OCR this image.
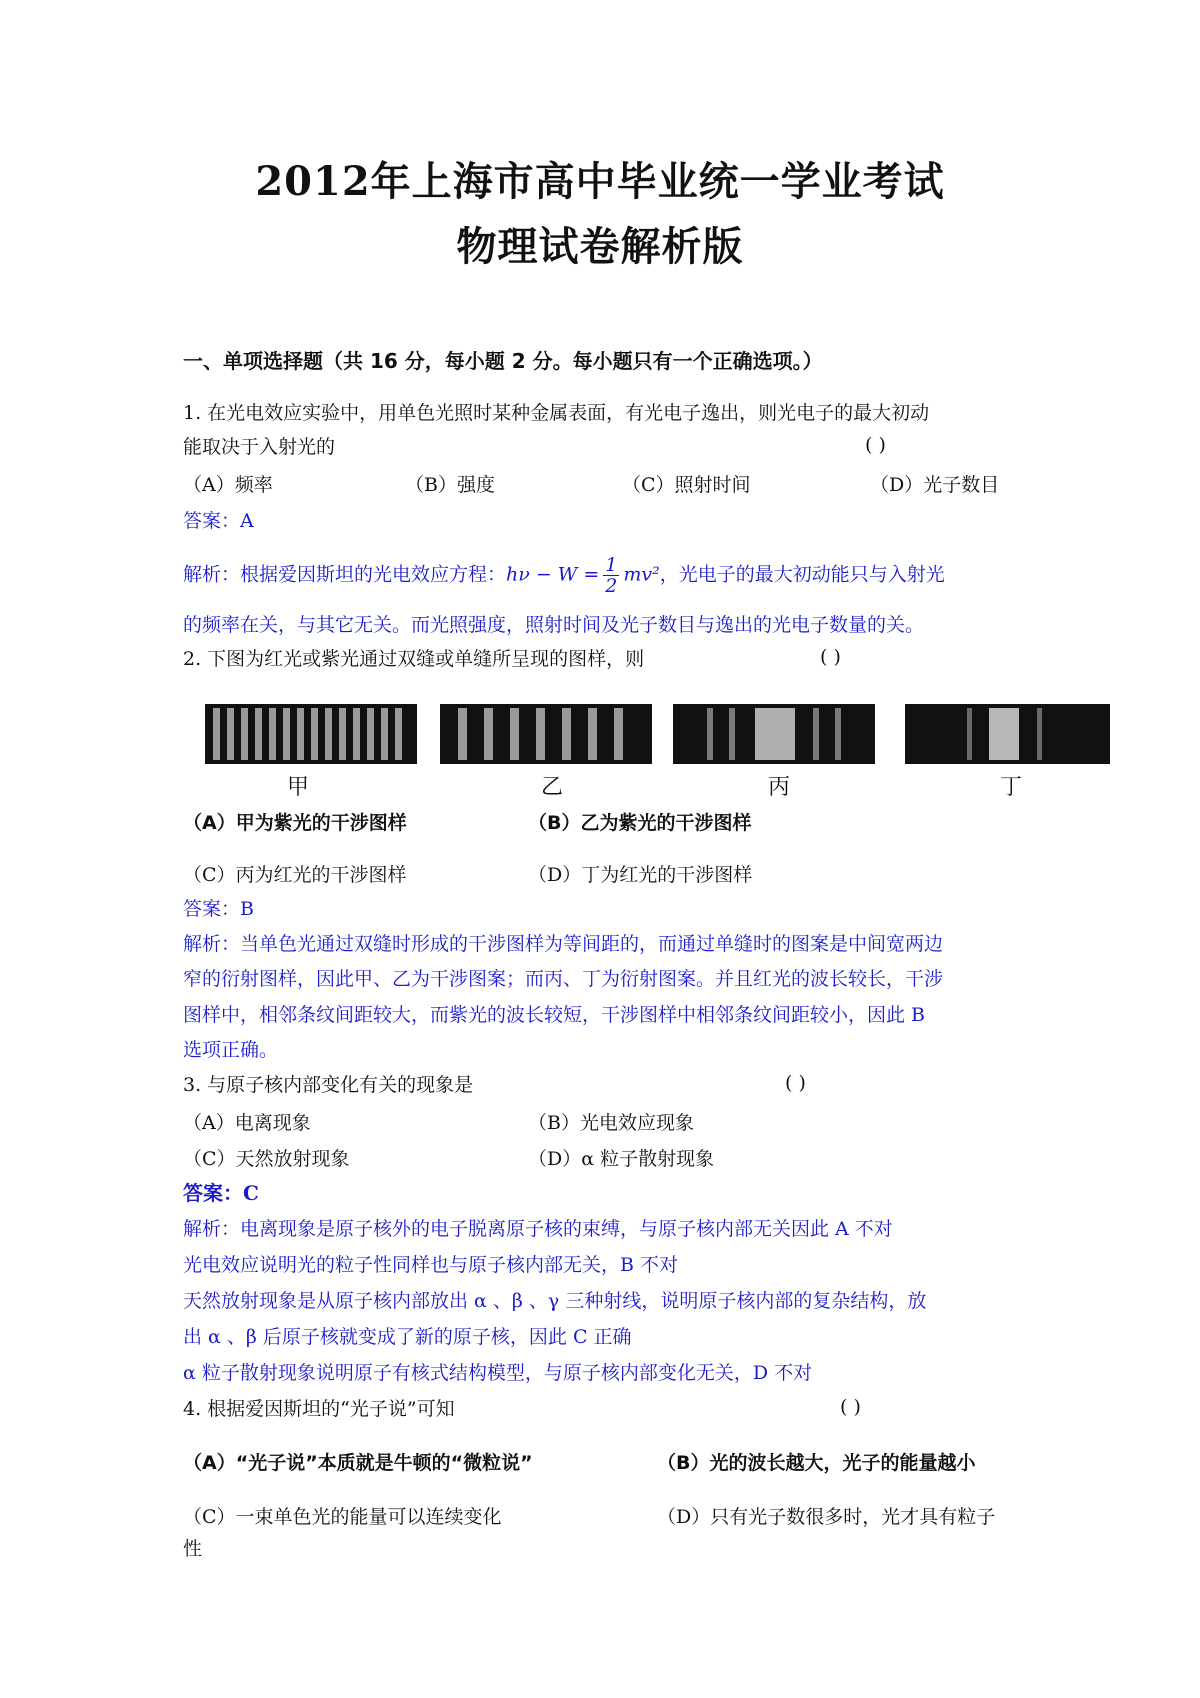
2012年上海市高中毕业统一学业考试
物理试卷解析版
一、单项选择题（共 16 分，每小题 2 分。每小题只有一个正确选项。）
1. 在光电效应实验中，用单色光照时某种金属表面，有光电子逸出，则光电子的最大初动
能取决于入射光的	( )
（A）频率	（B）强度	（C）照射时间	（D）光子数目
答案：A
解析：根据爱因斯坦的光电效应方程：$h\nu - W = \frac{1}{2} mv^2$，光电子的最大初动能只与入射光
的频率在关，与其它无关。而光照强度，照射时间及光子数目与逸出的光电子数量的关。
2. 下图为红光或紫光通过双缝或单缝所呈现的图样，则	( )
甲	乙	丙	丁
（A）甲为紫光的干涉图样	（B）乙为紫光的干涉图样
（C）丙为红光的干涉图样	（D）丁为红光的干涉图样
答案：B
解析：当单色光通过双缝时形成的干涉图样为等间距的，而通过单缝时的图案是中间宽两边
窄的衍射图样，因此甲、乙为干涉图案；而丙、丁为衍射图案。并且红光的波长较长，干涉
图样中，相邻条纹间距较大，而紫光的波长较短，干涉图样中相邻条纹间距较小，因此 B
选项正确。
3. 与原子核内部变化有关的现象是	( )
（A）电离现象	（B）光电效应现象
（C）天然放射现象	（D）α 粒子散射现象
答案：C
解析：电离现象是原子核外的电子脱离原子核的束缚，与原子核内部无关因此 A 不对
光电效应说明光的粒子性同样也与原子核内部无关，B 不对
天然放射现象是从原子核内部放出 α 、β 、γ 三种射线，说明原子核内部的复杂结构，放
出 α 、β 后原子核就变成了新的原子核，因此 C 正确
α 粒子散射现象说明原子有核式结构模型，与原子核内部变化无关，D 不对
4. 根据爱因斯坦的“光子说”可知	( )
（A）“光子说”本质就是牛顿的“微粒说”	（B）光的波长越大，光子的能量越小
（C）一束单色光的能量可以连续变化	（D）只有光子数很多时，光才具有粒子
性
